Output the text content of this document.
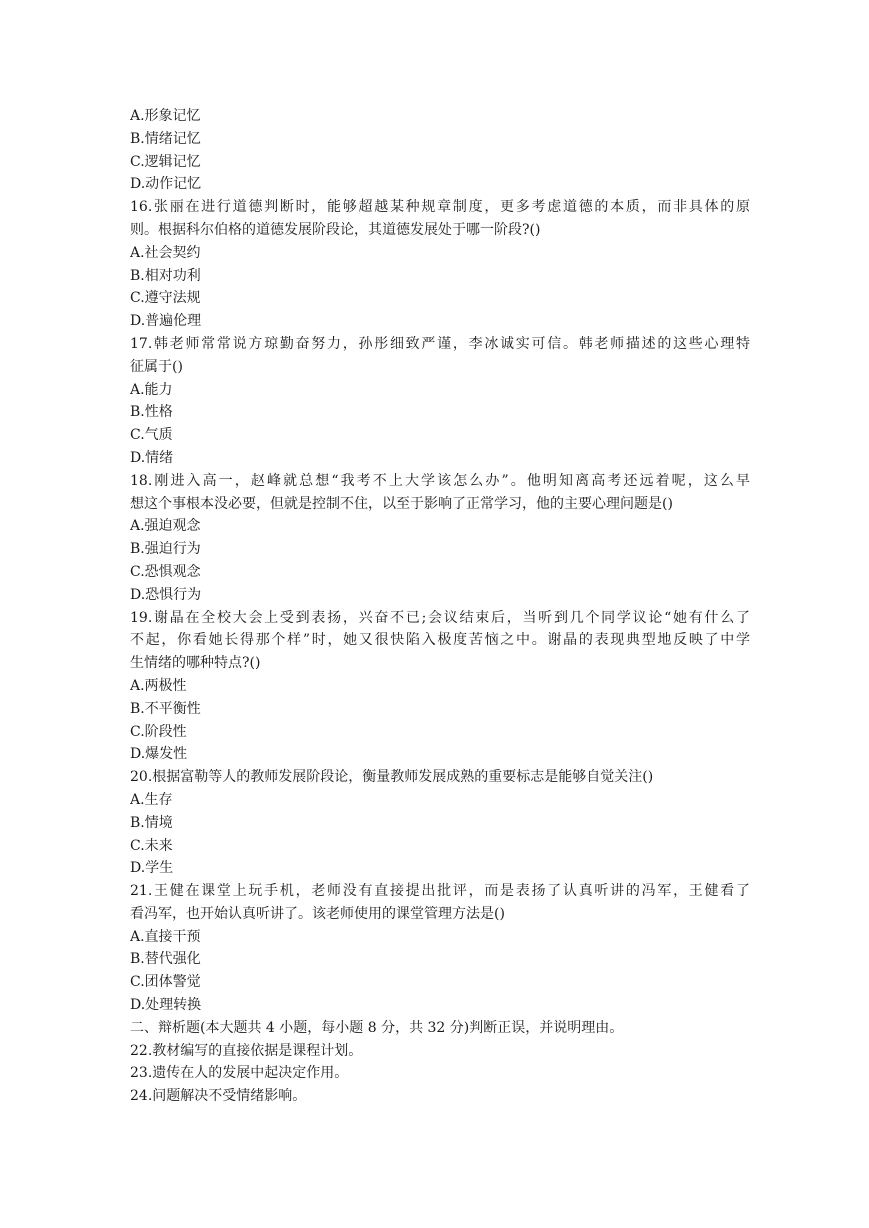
A.形象记忆
B.情绪记忆
C.逻辑记忆
D.动作记忆
16.张丽在进行道德判断时，能够超越某种规章制度，更多考虑道德的本质，而非具体的原
则。根据科尔伯格的道德发展阶段论，其道德发展处于哪一阶段?()
A.社会契约
B.相对功利
C.遵守法规
D.普遍伦理
17.韩老师常常说方琼勤奋努力，孙彤细致严谨，李冰诚实可信。韩老师描述的这些心理特
征属于()
A.能力
B.性格
C.气质
D.情绪
18.刚进入高一，赵峰就总想“我考不上大学该怎么办”。他明知离高考还远着呢，这么早
想这个事根本没必要，但就是控制不住，以至于影响了正常学习，他的主要心理问题是()
A.强迫观念
B.强迫行为
C.恐惧观念
D.恐惧行为
19.谢晶在全校大会上受到表扬，兴奋不已;会议结束后，当听到几个同学议论“她有什么了
不起，你看她长得那个样”时，她又很快陷入极度苦恼之中。谢晶的表现典型地反映了中学
生情绪的哪种特点?()
A.两极性
B.不平衡性
C.阶段性
D.爆发性
20.根据富勒等人的教师发展阶段论，衡量教师发展成熟的重要标志是能够自觉关注()
A.生存
B.情境
C.未来
D.学生
21.王健在课堂上玩手机，老师没有直接提出批评，而是表扬了认真听讲的冯军，王健看了
看冯军，也开始认真听讲了。该老师使用的课堂管理方法是()
A.直接干预
B.替代强化
C.团体警觉
D.处理转换
二、辩析题(本大题共 4 小题，每小题 8 分，共 32 分)判断正误，并说明理由。
22.教材编写的直接依据是课程计划。
23.遗传在人的发展中起决定作用。
24.问题解决不受情绪影响。
